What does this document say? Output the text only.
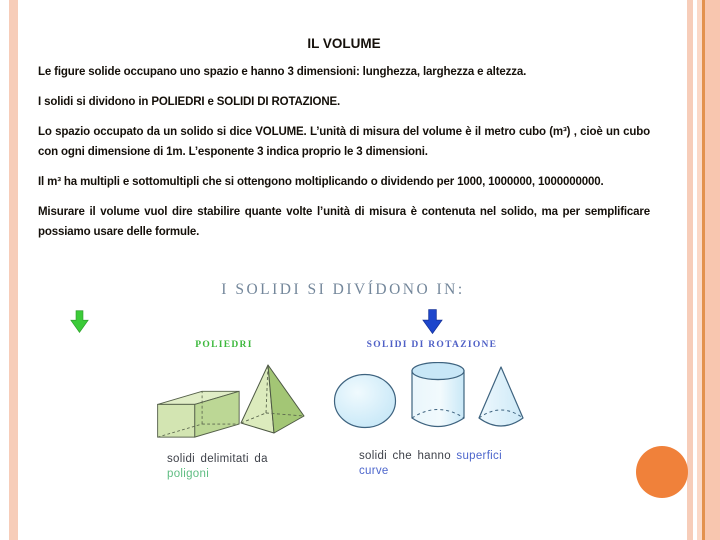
IL VOLUME

Le figure solide occupano uno spazio e hanno 3 dimensioni: lunghezza, larghezza e altezza.

I solidi si dividono in POLIEDRI e SOLIDI DI ROTAZIONE.

Lo spazio occupato da un solido si dice VOLUME. L’unità di misura del volume è il metro cubo (m³) , cioè un cubo con ogni dimensione di 1m. L’esponente 3 indica proprio le 3 dimensioni.

Il m³ ha multipli e sottomultipli che si ottengono moltiplicando o dividendo per 1000, 1000000, 1000000000.

Misurare il volume vuol dire stabilire quante volte l’unità di misura è contenuta nel solido, ma per semplificare possiamo usare delle formule.

I SOLIDI SI DIVÍDONO IN:
POLIEDRI	SOLIDI DI ROTAZIONE
solidi delimitati da poligoni
solidi che hanno superfici curve
